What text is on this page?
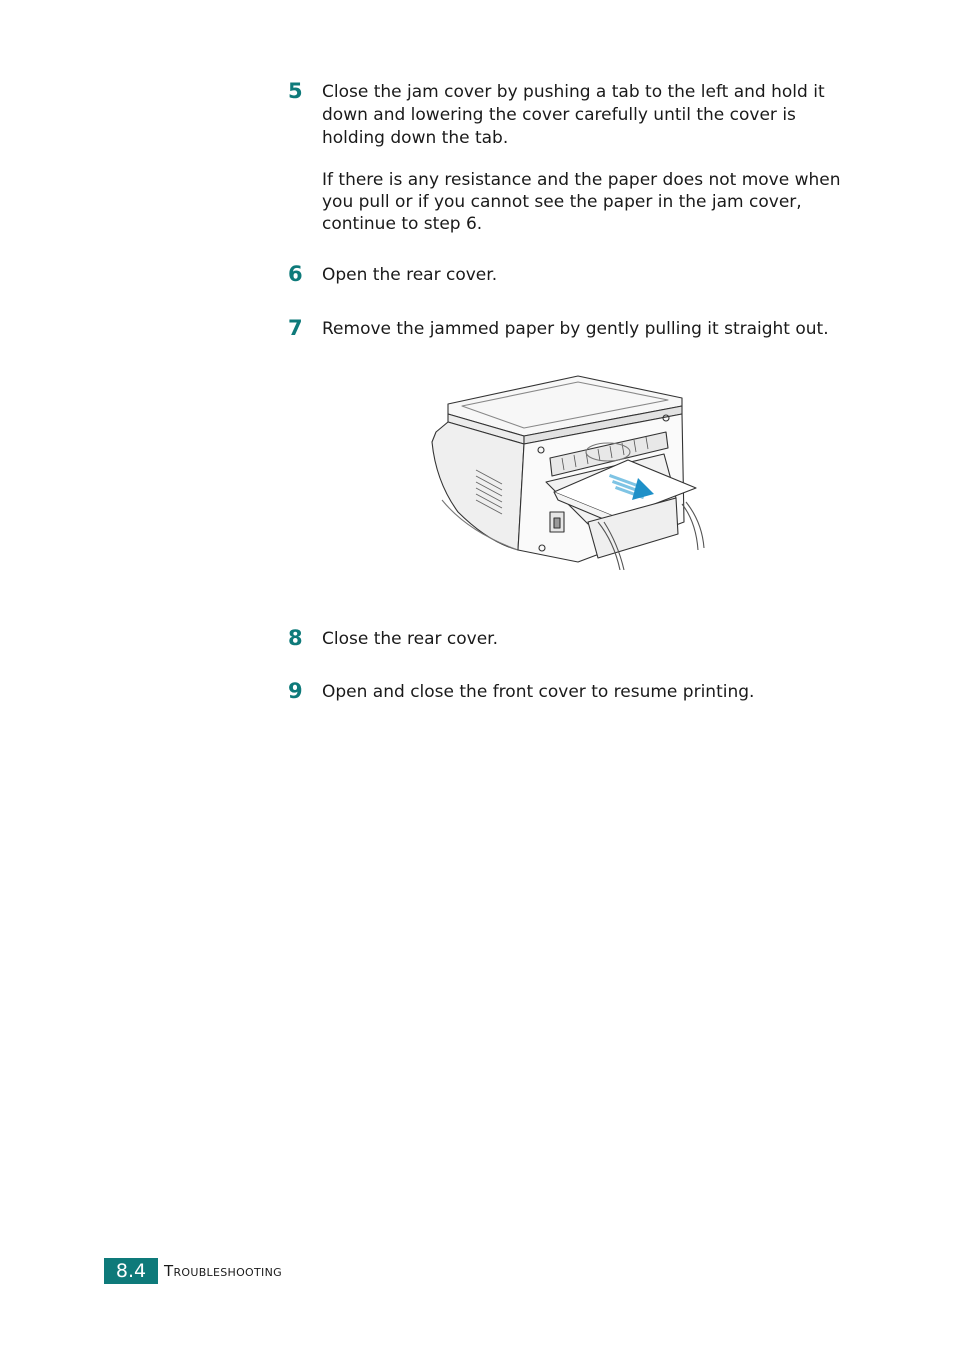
5 Close the jam cover by pushing a tab to the left and hold it down and lowering the cover carefully until the cover is holding down the tab.

If there is any resistance and the paper does not move when you pull or if you cannot see the paper in the jam cover, continue to step 6.

6 Open the rear cover.

7 Remove the jammed paper by gently pulling it straight out.

8 Close the rear cover.

9 Open and close the front cover to resume printing.

8.4	Troubleshooting
